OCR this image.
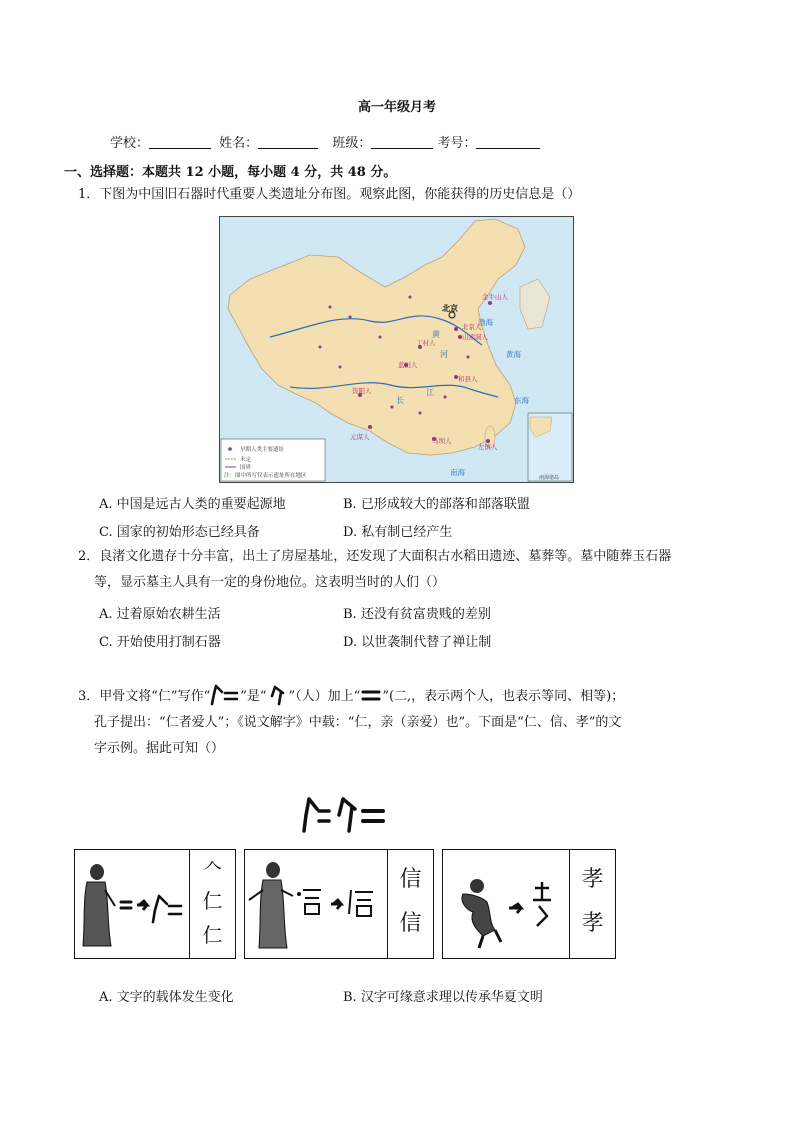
高一年级月考
学校：	姓名：	班级：	考号：
一、选择题：本题共 12 小题，每小题 4 分，共 48 分。
1．下图为中国旧石器时代重要人类遗址分布图。观察此图，你能获得的历史信息是（）
北京
金牛山人
北京人
山顶洞人
丁村人
蓝田人
元谋人
和县人
马坝人
资阳人
左镇人
渤海
黄海
东海
南海
黄
长
江
河
早期人类主要遗址
未定
国界
注：图中所写仅表示遗址所在地区	南海诸岛
A. 中国是远古人类的重要起源地	B. 已形成较大的部落和部落联盟
C. 国家的初始形态已经具备	D. 私有制已经产生
2．良渚文化遗存十分丰富，出土了房屋基址，还发现了大面积古水稻田遗迹、墓葬等。墓中随葬玉石器
等，显示墓主人具有一定的身份地位。这表明当时的人们（）
A. 过着原始农耕生活	B. 还没有贫富贵贱的差别
C. 开始使用打制石器	D. 以世袭制代替了禅让制
3．甲骨文将“仁”写作“ ”是“ ”（人）加上“ ”(二,，表示两个人，也表示等同、相等)；
孔子提出：“仁者爱人”；《说文解字》中载：“仁，亲（亲爱）也”。下面是“仁、信、孝”的文
字示例。据此可知（）
𠆢
仁
仁
信
信
孝
孝
A. 文字的载体发生变化	B. 汉字可缘意求理以传承华夏文明
